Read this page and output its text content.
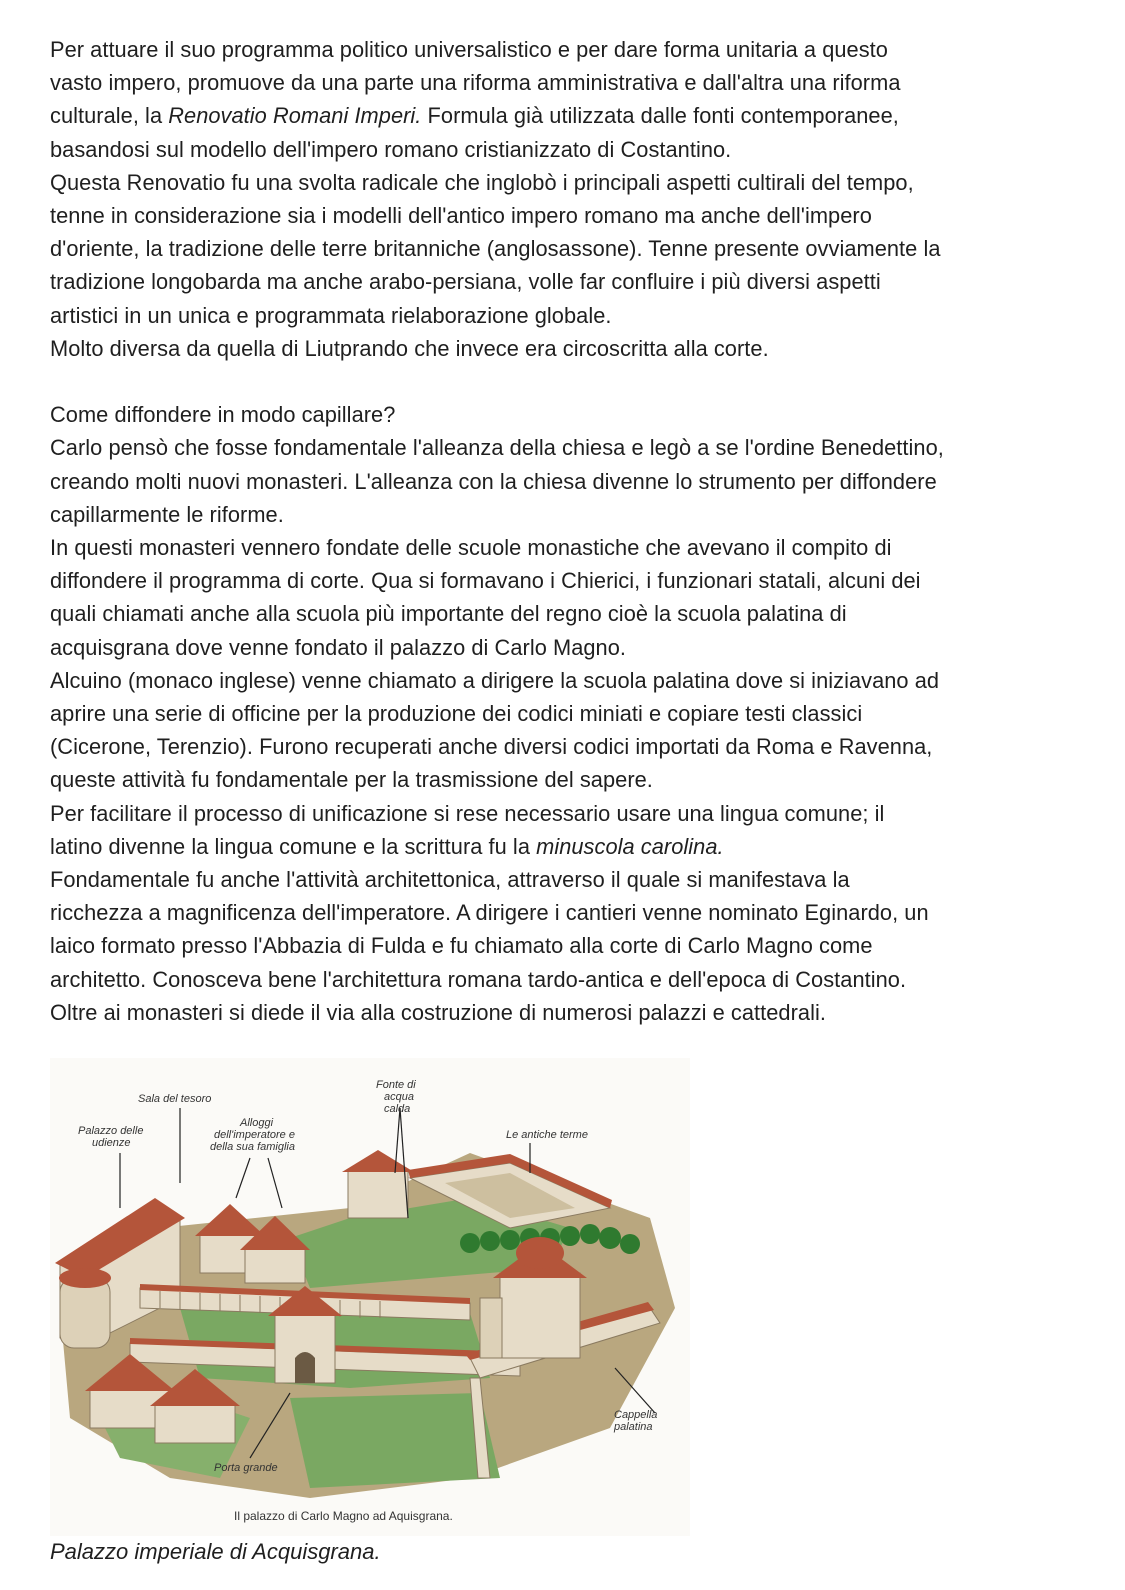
Per attuare il suo programma politico universalistico e per dare forma unitaria a questo
vasto impero, promuove da una parte una riforma amministrativa e dall'altra una riforma
culturale, la Renovatio Romani Imperi. Formula già utilizzata dalle fonti contemporanee,
basandosi sul modello dell'impero romano cristianizzato di Costantino.
Questa Renovatio fu una svolta radicale che inglobò i principali aspetti cultirali del tempo,
tenne in considerazione sia i modelli dell'antico impero romano ma anche dell'impero
d'oriente, la tradizione delle terre britanniche (anglosassone). Tenne presente ovviamente la
tradizione longobarda ma anche arabo-persiana, volle far confluire i più diversi aspetti
artistici in un unica e programmata rielaborazione globale.
Molto diversa da quella di Liutprando che invece era circoscritta alla corte.
Come diffondere in modo capillare?
Carlo pensò che fosse fondamentale l'alleanza della chiesa e legò a se l'ordine Benedettino,
creando molti nuovi monasteri. L'alleanza con la chiesa divenne lo strumento per diffondere
capillarmente le riforme.
In questi monasteri vennero fondate delle scuole monastiche che avevano il compito di
diffondere il programma di corte. Qua si formavano i Chierici, i funzionari statali, alcuni dei
quali chiamati anche alla scuola più importante del regno cioè la scuola palatina di
acquisgrana dove venne fondato il palazzo di Carlo Magno.
Alcuino (monaco inglese) venne chiamato a dirigere la scuola palatina dove si iniziavano ad
aprire una serie di officine per la produzione dei codici miniati e copiare testi classici
(Cicerone, Terenzio). Furono recuperati anche diversi codici importati da Roma e Ravenna,
queste attività fu fondamentale per la trasmissione del sapere.
Per facilitare il processo di unificazione si rese necessario usare una lingua comune; il
latino divenne la lingua comune e la scrittura fu la minuscola carolina.
Fondamentale fu anche l'attività architettonica, attraverso il quale si manifestava la
ricchezza a magnificenza dell'imperatore. A dirigere i cantieri venne nominato Eginardo, un
laico formato presso l'Abbazia di Fulda e fu chiamato alla corte di Carlo Magno come
architetto. Conosceva bene l'architettura romana tardo-antica e dell'epoca di Costantino.
Oltre ai monasteri si diede il via alla costruzione di numerosi palazzi e cattedrali.
Sala del tesoro
Palazzo delle
udienze
Alloggi
dell'imperatore e
della sua famiglia
Fonte di
acqua
calda
Le antiche terme
Cappella
palatina
Porta grande
Il palazzo di Carlo Magno ad Aquisgrana.
Palazzo imperiale di Acquisgrana.
